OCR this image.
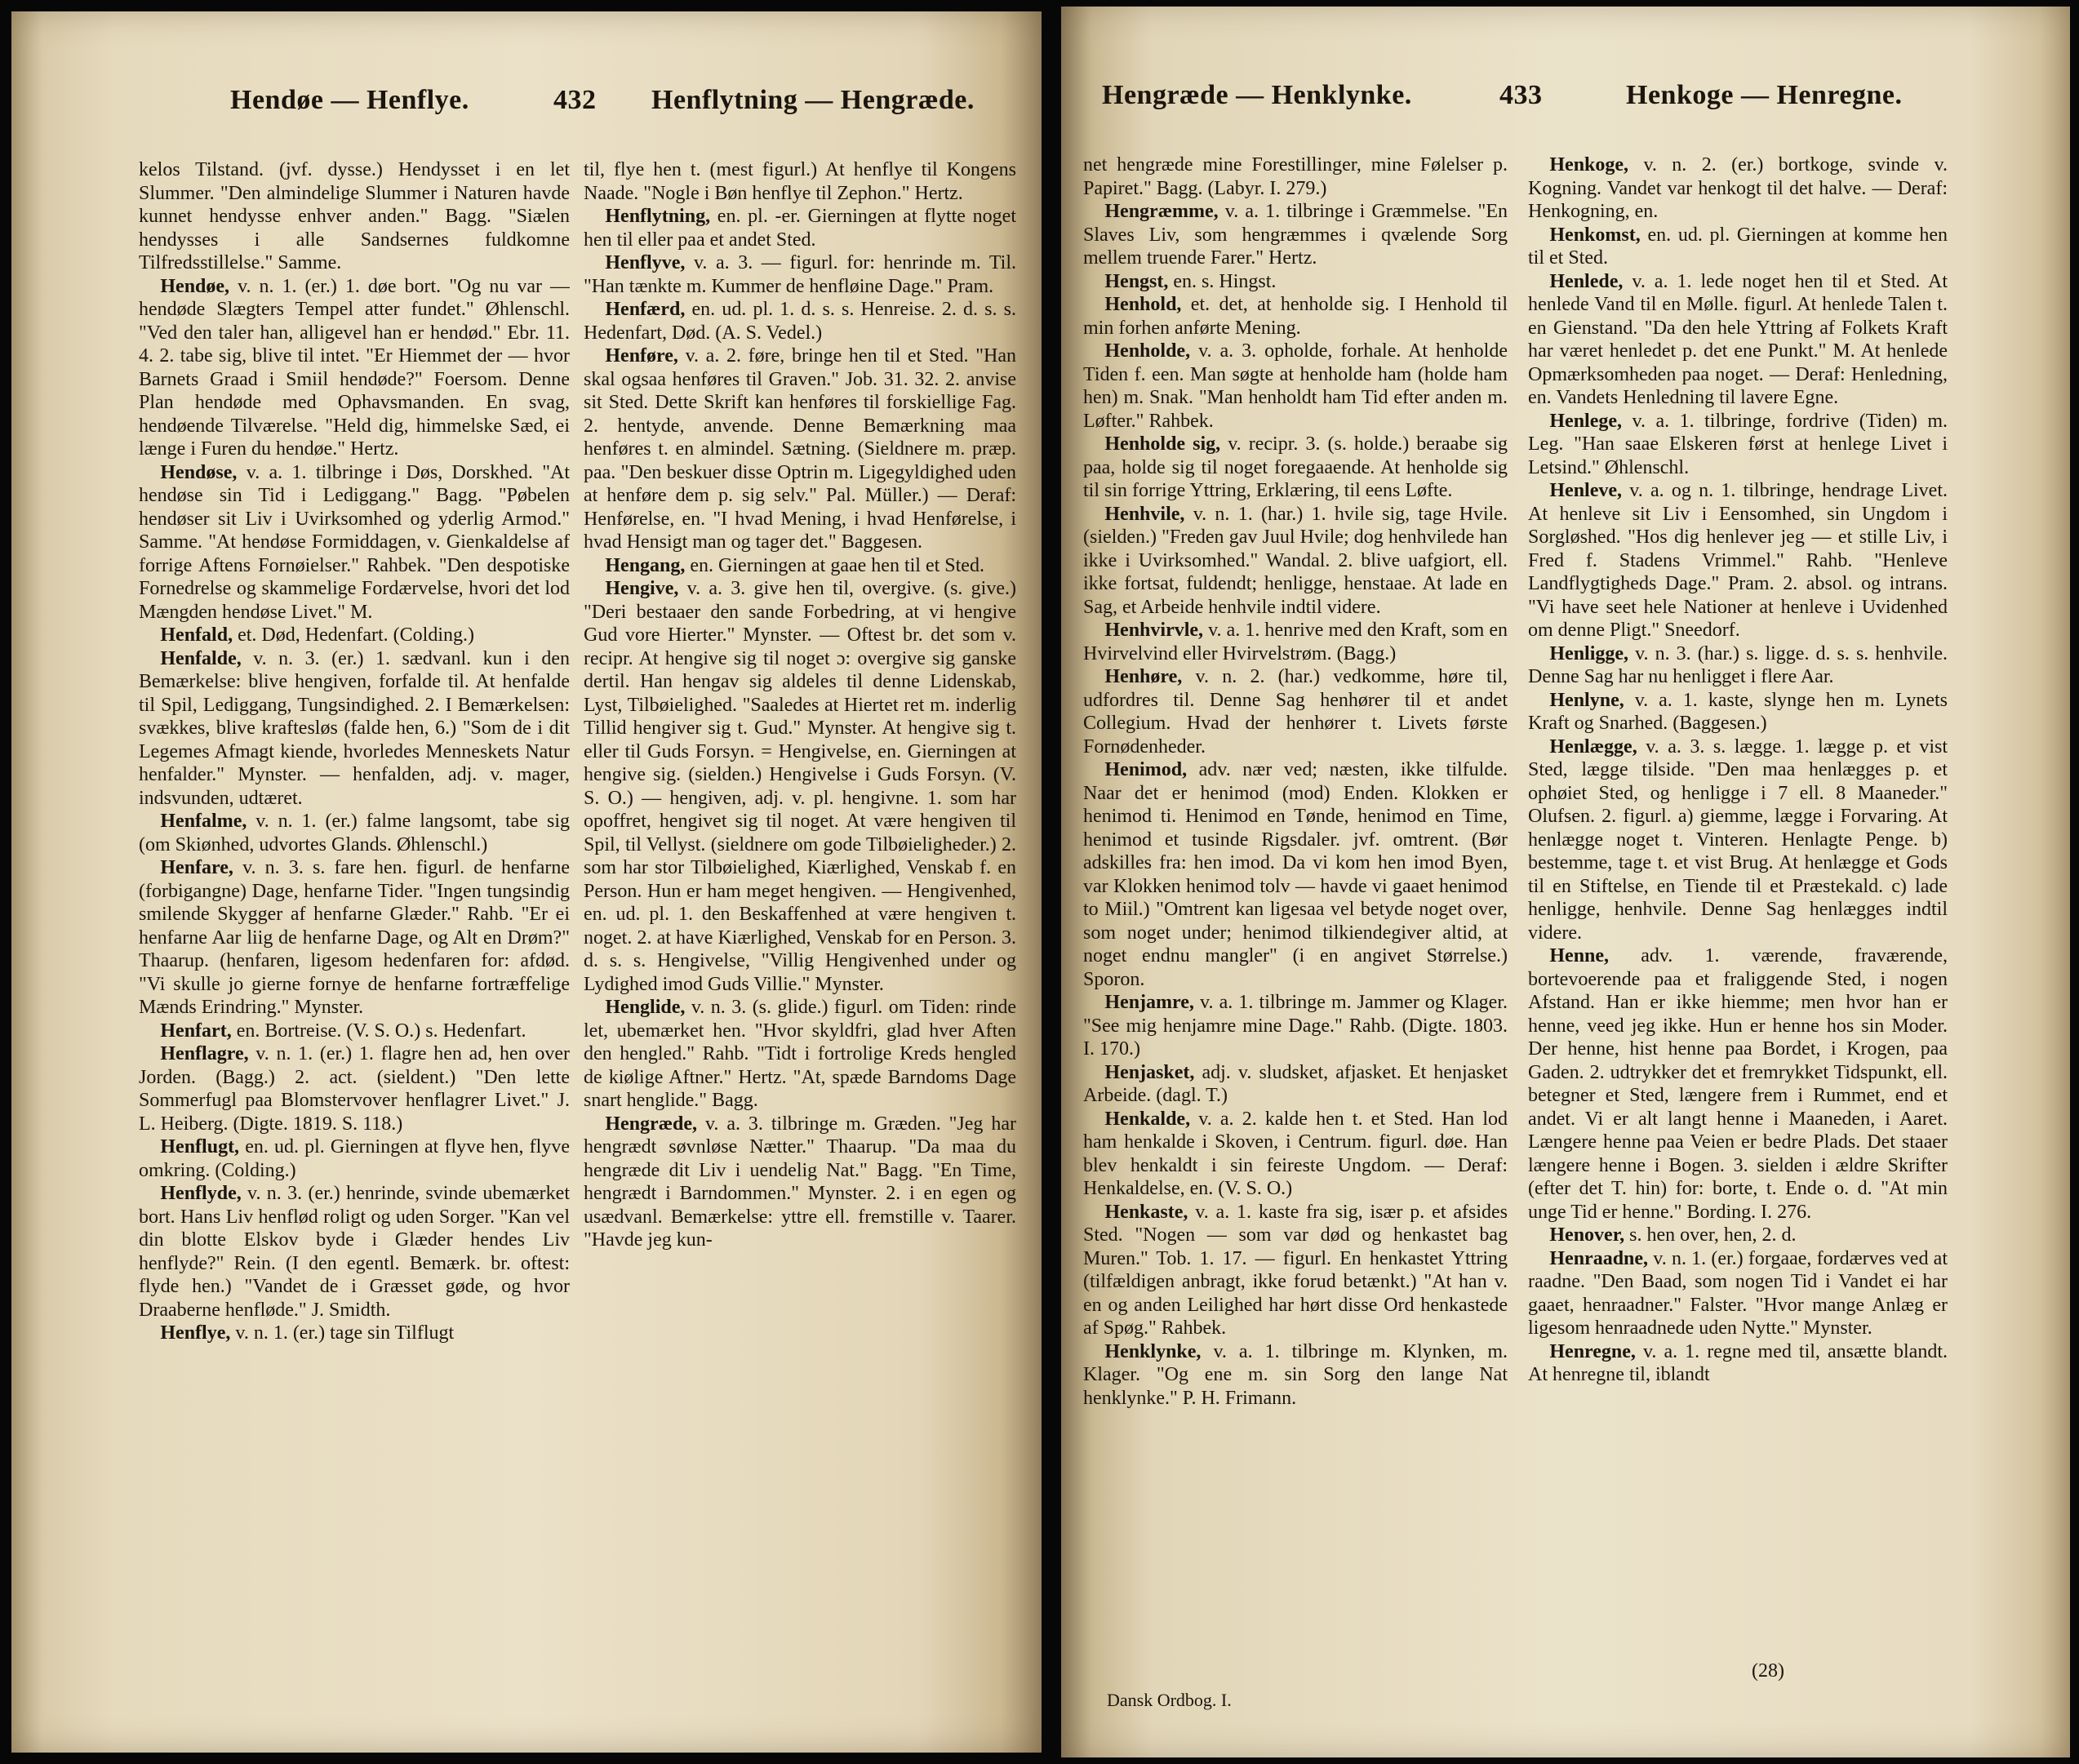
Hendøe — Henflye.	432 Henflytning — Hengræde.

kelos Tilstand. (jvf. dysse.) Hendysset i en let Slummer. "Den almindelige Slummer i Naturen havde kunnet hendysse enhver anden." Bagg. "Siælen hendysses i alle Sandsernes fuldkomne Tilfredsstillelse." Samme.

Hendøe, v. n. 1. (er.) 1. døe bort. "Og nu var — hendøde Slægters Tempel atter fundet." Øhlenschl. "Ved den taler han, alligevel han er hendød." Ebr. 11. 4. 2. tabe sig, blive til intet. "Er Hiemmet der — hvor Barnets Graad i Smiil hendøde?" Foersom. Denne Plan hendøde med Ophavsmanden. En svag, hendøende Tilværelse. "Held dig, himmelske Sæd, ei længe i Furen du hendøe." Hertz.

Hendøse, v. a. 1. tilbringe i Døs, Dorskhed. "At hendøse sin Tid i Lediggang." Bagg. "Pøbelen hendøser sit Liv i Uvirksomhed og yderlig Armod." Samme. "At hendøse Formiddagen, v. Gienkaldelse af forrige Aftens Fornøielser." Rahbek. "Den despotiske Fornedrelse og skammelige Fordærvelse, hvori det lod Mængden hendøse Livet." M.

Henfald, et. Død, Hedenfart. (Colding.)

Henfalde, v. n. 3. (er.) 1. sædvanl. kun i den Bemærkelse: blive hengiven, forfalde til. At henfalde til Spil, Lediggang, Tungsindighed. 2. I Bemærkelsen: svækkes, blive kraftesløs (falde hen, 6.) "Som de i dit Legemes Afmagt kiende, hvorledes Menneskets Natur henfalder." Mynster. — henfalden, adj. v. mager, indsvunden, udtæret.

Henfalme, v. n. 1. (er.) falme langsomt, tabe sig (om Skiønhed, udvortes Glands. Øhlenschl.)

Henfare, v. n. 3. s. fare hen. figurl. de henfarne (forbigangne) Dage, henfarne Tider. "Ingen tungsindig smilende Skygger af henfarne Glæder." Rahb. "Er ei henfarne Aar liig de henfarne Dage, og Alt en Drøm?" Thaarup. (henfaren, ligesom hedenfaren for: afdød. "Vi skulle jo gierne fornye de henfarne fortræffelige Mænds Erindring." Mynster.

Henfart, en. Bortreise. (V. S. O.) s. Hedenfart.

Henflagre, v. n. 1. (er.) 1. flagre hen ad, hen over Jorden. (Bagg.) 2. act. (sieldent.) "Den lette Sommerfugl paa Blomstervover henflagrer Livet." J. L. Heiberg. (Digte. 1819. S. 118.)

Henflugt, en. ud. pl. Gierningen at flyve hen, flyve omkring. (Colding.)

Henflyde, v. n. 3. (er.) henrinde, svinde ubemærket bort. Hans Liv henflød roligt og uden Sorger. "Kan vel din blotte Elskov byde i Glæder hendes Liv henflyde?" Rein. (I den egentl. Bemærk. br. oftest: flyde hen.) "Vandet de i Græsset gøde, og hvor Draaberne henfløde." J. Smidth.

Henflye, v. n. 1. (er.) tage sin Tilflugt

til, flye hen t. (mest figurl.) At henflye til Kongens Naade. "Nogle i Bøn henflye til Zephon." Hertz.

Henflytning, en. pl. -er. Gierningen at flytte noget hen til eller paa et andet Sted.

Henflyve, v. a. 3. — figurl. for: henrinde m. Til. "Han tænkte m. Kummer de henfløine Dage." Pram.

Henfærd, en. ud. pl. 1. d. s. s. Henreise. 2. d. s. s. Hedenfart, Død. (A. S. Vedel.)

Henføre, v. a. 2. føre, bringe hen til et Sted. "Han skal ogsaa henføres til Graven." Job. 31. 32. 2. anvise sit Sted. Dette Skrift kan henføres til forskiellige Fag. 2. hentyde, anvende. Denne Bemærkning maa henføres t. en almindel. Sætning. (Sieldnere m. præp. paa. "Den beskuer disse Optrin m. Ligegyldighed uden at henføre dem p. sig selv." Pal. Müller.) — Deraf: Henførelse, en. "I hvad Mening, i hvad Henførelse, i hvad Hensigt man og tager det." Baggesen.

Hengang, en. Gierningen at gaae hen til et Sted.

Hengive, v. a. 3. give hen til, overgive. (s. give.) "Deri bestaaer den sande Forbedring, at vi hengive Gud vore Hierter." Mynster. — Oftest br. det som v. recipr. At hengive sig til noget ɔ: overgive sig ganske dertil. Han hengav sig aldeles til denne Lidenskab, Lyst, Tilbøielighed. "Saaledes at Hiertet ret m. inderlig Tillid hengiver sig t. Gud." Mynster. At hengive sig t. eller til Guds Forsyn. = Hengivelse, en. Gierningen at hengive sig. (sielden.) Hengivelse i Guds Forsyn. (V. S. O.) — hengiven, adj. v. pl. hengivne. 1. som har opoffret, hengivet sig til noget. At være hengiven til Spil, til Vellyst. (sieldnere om gode Tilbøieligheder.) 2. som har stor Tilbøielighed, Kiærlighed, Venskab f. en Person. Hun er ham meget hengiven. — Hengivenhed, en. ud. pl. 1. den Beskaffenhed at være hengiven t. noget. 2. at have Kiærlighed, Venskab for en Person. 3. d. s. s. Hengivelse, "Villig Hengivenhed under og Lydighed imod Guds Villie." Mynster.

Henglide, v. n. 3. (s. glide.) figurl. om Tiden: rinde let, ubemærket hen. "Hvor skyldfri, glad hver Aften den hengled." Rahb. "Tidt i fortrolige Kreds hengled de kiølige Aftner." Hertz. "At, spæde Barndoms Dage snart henglide." Bagg.

Hengræde, v. a. 3. tilbringe m. Græden. "Jeg har hengrædt søvnløse Nætter." Thaarup. "Da maa du hengræde dit Liv i uendelig Nat." Bagg. "En Time, hengrædt i Barndommen." Mynster. 2. i en egen og usædvanl. Bemærkelse: yttre ell. fremstille v. Taarer. "Havde jeg kun-

Hengræde — Henklynke.	433	Henkoge — Henregne.

net hengræde mine Forestillinger, mine Følelser p. Papiret." Bagg. (Labyr. I. 279.)

Hengræmme, v. a. 1. tilbringe i Græmmelse. "En Slaves Liv, som hengræmmes i qvælende Sorg mellem truende Farer." Hertz.

Hengst, en. s. Hingst.

Henhold, et. det, at henholde sig. I Henhold til min forhen anførte Mening.

Henholde, v. a. 3. opholde, forhale. At henholde Tiden f. een. Man søgte at henholde ham (holde ham hen) m. Snak. "Man henholdt ham Tid efter anden m. Løfter." Rahbek.

Henholde sig, v. recipr. 3. (s. holde.) beraabe sig paa, holde sig til noget foregaaende. At henholde sig til sin forrige Yttring, Erklæring, til eens Løfte.

Henhvile, v. n. 1. (har.) 1. hvile sig, tage Hvile. (sielden.) "Freden gav Juul Hvile; dog henhvilede han ikke i Uvirksomhed." Wandal. 2. blive uafgiort, ell. ikke fortsat, fuldendt; henligge, henstaae. At lade en Sag, et Arbeide henhvile indtil videre.

Henhvirvle, v. a. 1. henrive med den Kraft, som en Hvirvelvind eller Hvirvelstrøm. (Bagg.)

Henhøre, v. n. 2. (har.) vedkomme, høre til, udfordres til. Denne Sag henhører til et andet Collegium. Hvad der henhører t. Livets første Fornødenheder.

Henimod, adv. nær ved; næsten, ikke tilfulde. Naar det er henimod (mod) Enden. Klokken er henimod ti. Henimod en Tønde, henimod en Time, henimod et tusinde Rigsdaler. jvf. omtrent. (Bør adskilles fra: hen imod. Da vi kom hen imod Byen, var Klokken henimod tolv — havde vi gaaet henimod to Miil.) "Omtrent kan ligesaa vel betyde noget over, som noget under; henimod tilkiendegiver altid, at noget endnu mangler" (i en angivet Størrelse.) Sporon.

Henjamre, v. a. 1. tilbringe m. Jammer og Klager. "See mig henjamre mine Dage." Rahb. (Digte. 1803. I. 170.)

Henjasket, adj. v. sludsket, afjasket. Et henjasket Arbeide. (dagl. T.)

Henkalde, v. a. 2. kalde hen t. et Sted. Han lod ham henkalde i Skoven, i Centrum. figurl. døe. Han blev henkaldt i sin feireste Ungdom. — Deraf: Henkaldelse, en. (V. S. O.)

Henkaste, v. a. 1. kaste fra sig, især p. et afsides Sted. "Nogen — som var død og henkastet bag Muren." Tob. 1. 17. — figurl. En henkastet Yttring (tilfældigen anbragt, ikke forud betænkt.) "At han v. en og anden Leilighed har hørt disse Ord henkastede af Spøg." Rahbek.

Henklynke, v. a. 1. tilbringe m. Klynken, m. Klager. "Og ene m. sin Sorg den lange Nat henklynke." P. H. Frimann.

Henkoge, v. n. 2. (er.) bortkoge, svinde v. Kogning. Vandet var henkogt til det halve. — Deraf: Henkogning, en.

Henkomst, en. ud. pl. Gierningen at komme hen til et Sted.

Henlede, v. a. 1. lede noget hen til et Sted. At henlede Vand til en Mølle. figurl. At henlede Talen t. en Gienstand. "Da den hele Yttring af Folkets Kraft har været henledet p. det ene Punkt." M. At henlede Opmærksomheden paa noget. — Deraf: Henledning, en. Vandets Henledning til lavere Egne.

Henlege, v. a. 1. tilbringe, fordrive (Tiden) m. Leg. "Han saae Elskeren først at henlege Livet i Letsind." Øhlenschl.

Henleve, v. a. og n. 1. tilbringe, hendrage Livet. At henleve sit Liv i Eensomhed, sin Ungdom i Sorgløshed. "Hos dig henlever jeg — et stille Liv, i Fred f. Stadens Vrimmel." Rahb. "Henleve Landflygtigheds Dage." Pram. 2. absol. og intrans. "Vi have seet hele Nationer at henleve i Uvidenhed om denne Pligt." Sneedorf.

Henligge, v. n. 3. (har.) s. ligge. d. s. s. henhvile. Denne Sag har nu henligget i flere Aar.

Henlyne, v. a. 1. kaste, slynge hen m. Lynets Kraft og Snarhed. (Baggesen.)

Henlægge, v. a. 3. s. lægge. 1. lægge p. et vist Sted, lægge tilside. "Den maa henlægges p. et ophøiet Sted, og henligge i 7 ell. 8 Maaneder." Olufsen. 2. figurl. a) giemme, lægge i Forvaring. At henlægge noget t. Vinteren. Henlagte Penge. b) bestemme, tage t. et vist Brug. At henlægge et Gods til en Stiftelse, en Tiende til et Præstekald. c) lade henligge, henhvile. Denne Sag henlægges indtil videre.

Henne, adv. 1. værende, fraværende, bortevoerende paa et fraliggende Sted, i nogen Afstand. Han er ikke hiemme; men hvor han er henne, veed jeg ikke. Hun er henne hos sin Moder. Der henne, hist henne paa Bordet, i Krogen, paa Gaden. 2. udtrykker det et fremrykket Tidspunkt, ell. betegner et Sted, længere frem i Rummet, end et andet. Vi er alt langt henne i Maaneden, i Aaret. Længere henne paa Veien er bedre Plads. Det staaer længere henne i Bogen. 3. sielden i ældre Skrifter (efter det T. hin) for: borte, t. Ende o. d. "At min unge Tid er henne." Bording. I. 276.

Henover, s. hen over, hen, 2. d.

Henraadne, v. n. 1. (er.) forgaae, fordærves ved at raadne. "Den Baad, som nogen Tid i Vandet ei har gaaet, henraadner." Falster. "Hvor mange Anlæg er ligesom henraadnede uden Nytte." Mynster.

Henregne, v. a. 1. regne med til, ansætte blandt. At henregne til, iblandt

Dansk Ordbog. I.
(28)
